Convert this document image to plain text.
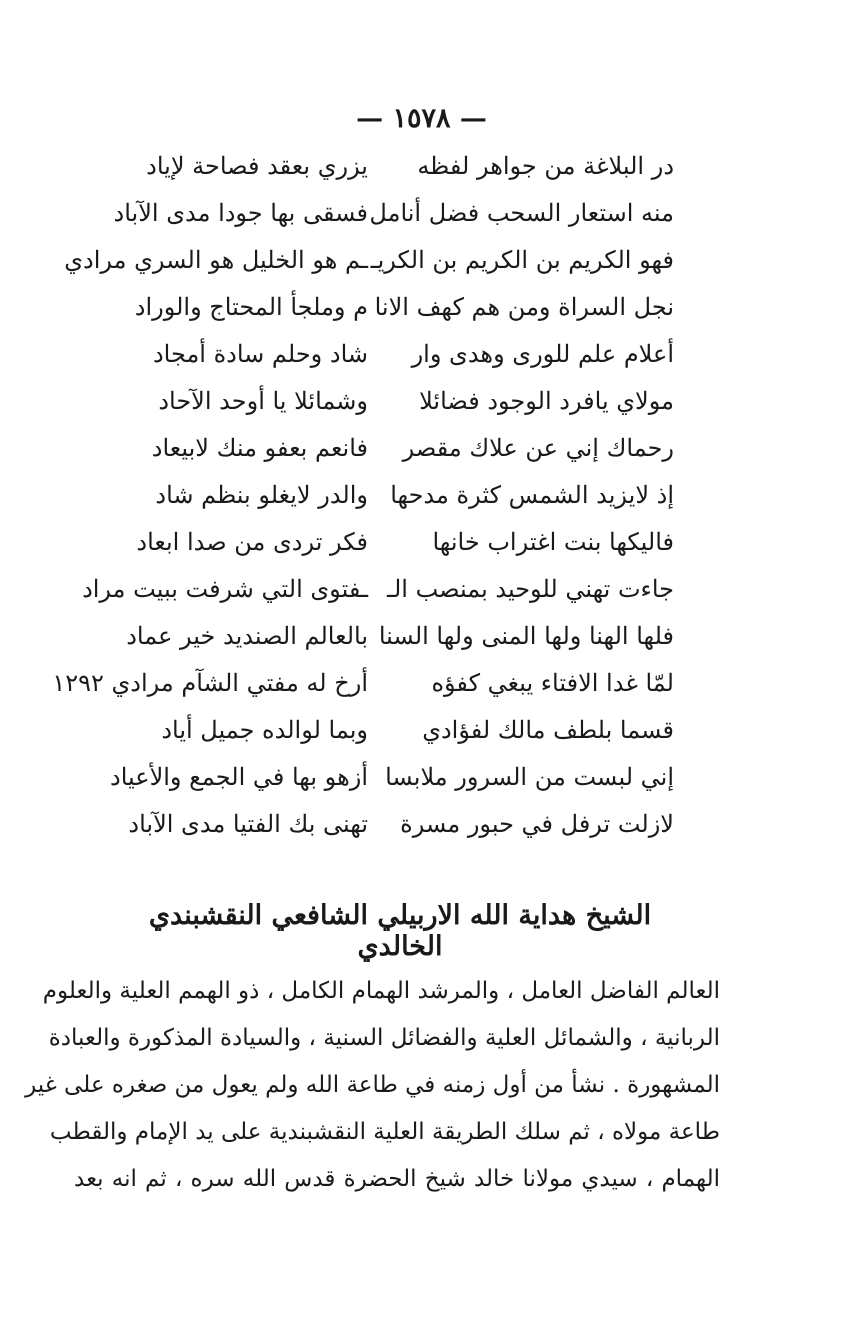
— ١٥٧٨ —
در البلاغة من جواهر لفظه
يزري بعقد فصاحة لإياد
منه استعار السحب فضل أنامل
فسقى بها جودا مدى الآباد
فهو الكريم بن الكريم بن الكريـ
ـم هو الخليل هو السري مرادي
نجل السراة ومن هم كهف الانا
م وملجأ المحتاج والوراد
أعلام علم للورى وهدى وار
شاد وحلم سادة أمجاد
مولاي يافرد الوجود فضائلا
وشمائلا يا أوحد الآحاد
رحماك إني عن علاك مقصر
فانعم بعفو منك لابيعاد
إذ لايزيد الشمس كثرة مدحها
والدر لايغلو بنظم شاد
فاليكها بنت اغتراب خانها
فكر تردى من صدا ابعاد
جاءت تهني للوحيد بمنصب الـ
ـفتوى التي شرفت ببيت مراد
فلها الهنا ولها المنى ولها السنا
بالعالم الصنديد خير عماد
لمّا غدا الافتاء يبغي كفؤه
أرخ له مفتي الشآم مرادي ١٢٩٢
قسما بلطف مالك لفؤادي
وبما لوالده جميل أياد
إني لبست من السرور ملابسا
أزهو بها في الجمع والأعياد
لازلت ترفل في حبور مسرة
تهنى بك الفتيا مدى الآباد
الشيخ هداية الله الاربيلي الشافعي النقشبندي الخالدي
العالم الفاضل العامل ، والمرشد الهمام الكامل ، ذو الهمم العلية والعلوم
الربانية ، والشمائل العلية والفضائل السنية ، والسيادة المذكورة والعبادة
المشهورة . نشأ من أول زمنه في طاعة الله ولم يعول من صغره على غير
طاعة مولاه ، ثم سلك الطريقة العلية النقشبندية على يد الإمام والقطب
الهمام ، سيدي مولانا خالد شيخ الحضرة قدس الله سره ، ثم انه بعد
